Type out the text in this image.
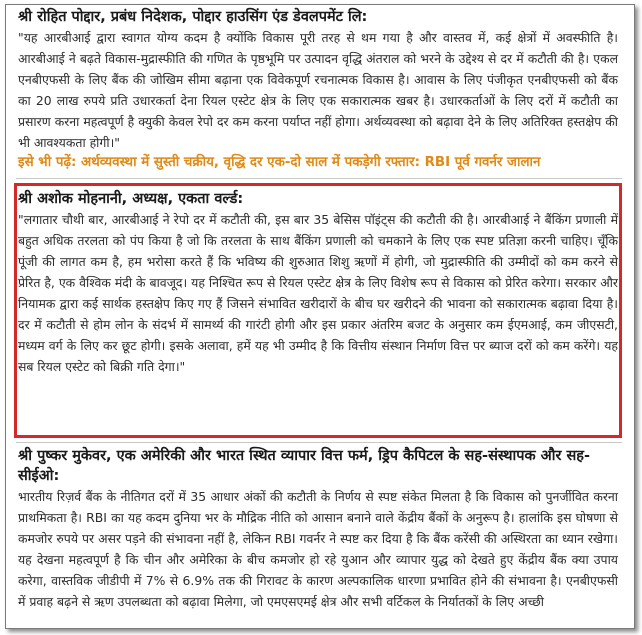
श्री रोहित पोद्दार, प्रबंध निदेशक, पोद्दार हाउसिंग एंड डेवलपमेंट लि:
"यह आरबीआई द्वारा स्वागत योग्य कदम है क्योंकि विकास पूरी तरह से थम गया है और वास्तव में, कई क्षेत्रों में अवस्फीति है। आरबीआई ने बढ़ते विकास-मुद्रास्फीति की गणित के पृष्ठभूमि पर उत्पादन वृद्धि अंतराल को भरने के उद्देश्य से दर में कटौती की है। एकल एनबीएफसी के लिए बैंक की जोखिम सीमा बढ़ाना एक विवेकपूर्ण रचनात्मक विकास है। आवास के लिए पंजीकृत एनबीएफसी को बैंक का 20 लाख रुपये प्रति उधारकर्ता देना रियल एस्टेट क्षेत्र के लिए एक सकारात्मक खबर है। उधारकर्ताओं के लिए दरों में कटौती का प्रसारण करना महत्वपूर्ण है क्युकी केवल रेपो दर कम करना पर्याप्त नहीं होगा। अर्थव्यवस्था को बढ़ावा देने के लिए अतिरिक्त हस्तक्षेप की भी आवश्यकता होगी।"
इसे भी पढ़ें: अर्थव्यवस्था में सुस्ती चक्रीय, वृद्धि दर एक-दो साल में पकड़ेगी रफ्तार: RBI पूर्व गवर्नर जालान
श्री अशोक मोहनानी, अध्यक्ष, एकता वर्ल्ड:
"लगातार चौथी बार, आरबीआई ने रेपो दर में कटौती की, इस बार 35 बेसिस पॉइंट्स की कटौती की है। आरबीआई ने बैंकिंग प्रणाली में बहुत अधिक तरलता को पंप किया है जो कि तरलता के साथ बैंकिंग प्रणाली को चमकाने के लिए एक स्पष्ट प्रतिज्ञा करनी चाहिए। चूँकि पूंजी की लागत कम है, हम भरोसा करते हैं कि भविष्य की शुरुआत शिशु ऋणों में होगी, जो मुद्रास्फीति की उम्मीदों को कम करने से प्रेरित है, एक वैश्विक मंदी के बावजूद। यह निश्चित रूप से रियल एस्टेट क्षेत्र के लिए विशेष रूप से विकास को प्रेरित करेगा। सरकार और नियामक द्वारा कई सार्थक हस्तक्षेप किए गए हैं जिसने संभावित खरीदारों के बीच घर खरीदने की भावना को सकारात्मक बढ़ावा दिया है। दर में कटौती से होम लोन के संदर्भ में सामर्थ्य की गारंटी होगी और इस प्रकार अंतरिम बजट के अनुसार कम ईएमआई, कम जीएसटी, मध्यम वर्ग के लिए कर छूट होगी। इसके अलावा, हमें यह भी उम्मीद है कि वित्तीय संस्थान निर्माण वित्त पर ब्याज दरों को कम करेंगे। यह सब रियल एस्टेट को बिक्री गति देगा।"
श्री पुष्कर मुकेवर, एक अमेरिकी और भारत स्थित व्यापार वित्त फर्म, ड्रिप कैपिटल के सह-संस्थापक और सह-सीईओ:
भारतीय रिज़र्व बैंक के नीतिगत दरों में 35 आधार अंकों की कटौती के निर्णय से स्पष्ट संकेत मिलता है कि विकास को पुनर्जीवित करना प्राथमिकता है। RBI का यह कदम दुनिया भर के मौद्रिक नीति को आसान बनाने वाले केंद्रीय बैंकों के अनुरूप है। हालांकि इस घोषणा से कमजोर रुपये पर असर पड़ने की संभावना नहीं है, लेकिन RBI गवर्नर ने स्पष्ट कर दिया है कि बैंक करेंसी की अस्थिरता का ध्यान रखेगा। यह देखना महत्वपूर्ण है कि चीन और अमेरिका के बीच कमजोर हो रहे युआन और व्यापार युद्ध को देखते हुए केंद्रीय बैंक क्या उपाय करेगा, वास्तविक जीडीपी में 7% से 6.9% तक की गिरावट के कारण अल्पकालिक धारणा प्रभावित होने की संभावना है। एनबीएफसी में प्रवाह बढ़ने से ऋण उपलब्धता को बढ़ावा मिलेगा, जो एमएसएमई क्षेत्र और सभी वर्टिकल के निर्यातकों के लिए अच्छी
